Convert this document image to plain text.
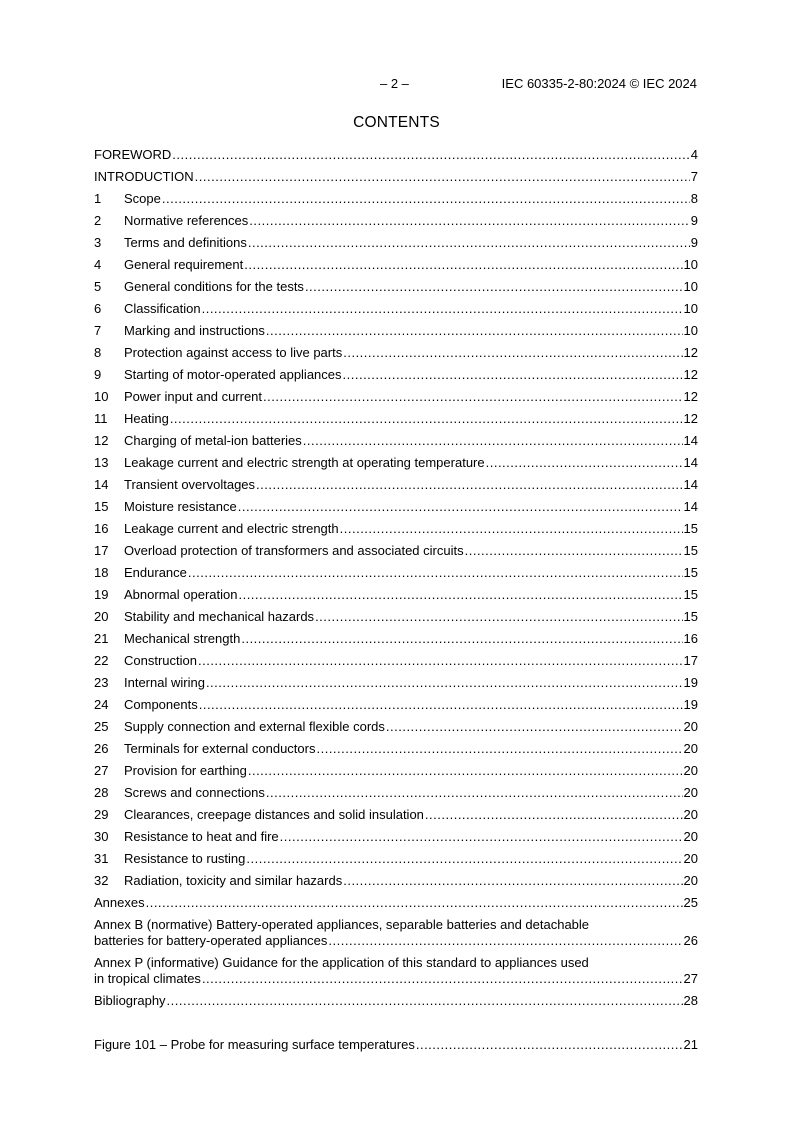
– 2 –	IEC 60335-2-80:2024 © IEC 2024
CONTENTS
FOREWORD .....	4
INTRODUCTION .....	7
1	Scope .....	8
2	Normative references .....	9
3	Terms and definitions .....	9
4	General requirement .....	10
5	General conditions for the tests .....	10
6	Classification .....	10
7	Marking and instructions .....	10
8	Protection against access to live parts .....	12
9	Starting of motor-operated appliances .....	12
10	Power input and current .....	12
11	Heating .....	12
12	Charging of metal-ion batteries .....	14
13	Leakage current and electric strength at operating temperature .....	14
14	Transient overvoltages .....	14
15	Moisture resistance .....	14
16	Leakage current and electric strength .....	15
17	Overload protection of transformers and associated circuits .....	15
18	Endurance .....	15
19	Abnormal operation .....	15
20	Stability and mechanical hazards .....	15
21	Mechanical strength .....	16
22	Construction .....	17
23	Internal wiring .....	19
24	Components .....	19
25	Supply connection and external flexible cords .....	20
26	Terminals for external conductors .....	20
27	Provision for earthing .....	20
28	Screws and connections .....	20
29	Clearances, creepage distances and solid insulation .....	20
30	Resistance to heat and fire .....	20
31	Resistance to rusting .....	20
32	Radiation, toxicity and similar hazards .....	20
Annexes .....	25
Annex B (normative) Battery-operated appliances, separable batteries and detachable
batteries for battery-operated appliances .....	26
Annex P (informative) Guidance for the application of this standard to appliances used
in tropical climates .....	27
Bibliography .....	28
Figure 101 – Probe for measuring surface temperatures .....	21
